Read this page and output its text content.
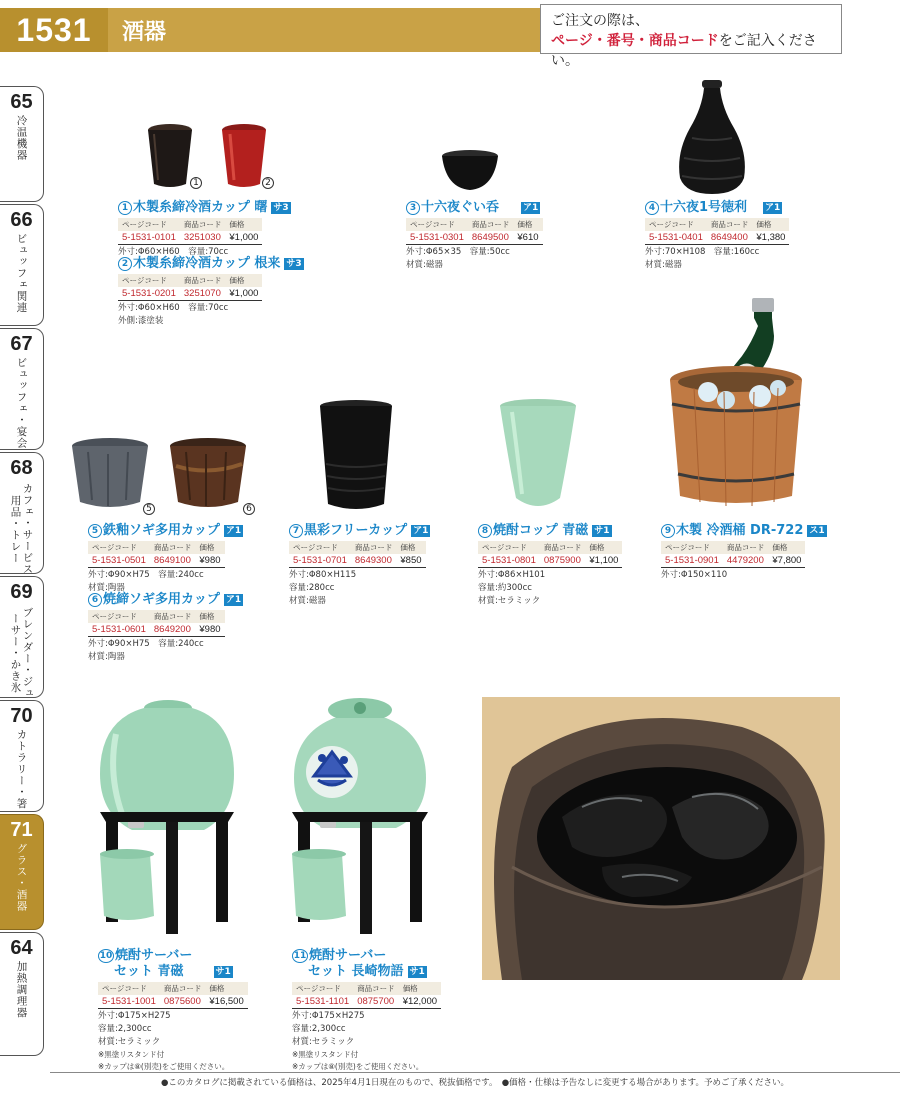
1531	酒器	ご注文の際は、
ページ・番号・商品コードをご記入ください。
65
冷温機器
66
ビュッフェ関連
67
ビュッフェ・宴会
68
カフェ・サービス用品・トレー
69
ブレンダー・ジューサー・かき氷
70
カトラリー・箸
71
グラス・酒器
64
加熱調理器
1	2
1 木製糸締冷酒カップ 曙 サ3
ページコード	商品コード	価格
5-1531-0101	3251030	¥1,000
外寸:Φ60×H60　容量:70cc
2 木製糸締冷酒カップ 根来 サ3
ページコード	商品コード	価格
5-1531-0201	3251070	¥1,000
外寸:Φ60×H60　容量:70cc
外側:漆塗装
3 十六夜ぐい呑	ア1
ページコード	商品コード	価格
5-1531-0301	8649500	¥610
外寸:Φ65×35　容量:50cc
材質:磁器
4 十六夜1号徳利 ア1
ページコード	商品コード	価格
5-1531-0401	8649400	¥1,380
外寸:70×H108　容量:160cc
材質:磁器
5	6
5 鉄釉ソギ多用カップ ア1
ページコード	商品コード	価格
5-1531-0501	8649100	¥980
外寸:Φ90×H75　容量:240cc
材質:陶器
6 焼締ソギ多用カップ ア1
ページコード	商品コード	価格
5-1531-0601	8649200	¥980
外寸:Φ90×H75　容量:240cc
材質:陶器
7 黒彩フリーカップ ア1
ページコード	商品コード	価格
5-1531-0701	8649300	¥850
外寸:Φ80×H115
容量:280cc
材質:磁器
8 焼酎コップ 青磁 サ1
ページコード	商品コード	価格
5-1531-0801	0875900	¥1,100
外寸:Φ86×H101
容量:約300cc
材質:セラミック
9 木製 冷酒桶 DR-722 ス1
ページコード	商品コード	価格
5-1531-0901	4479200	¥7,800
外寸:Φ150×110
10 焼酎サーバー
セット 青磁	サ1
ページコード	商品コード	価格
5-1531-1001	0875600	¥16,500
外寸:Φ175×H275
容量:2,300cc
材質:セラミック
※黒塗リスタンド付
※カップは⑧(別売)をご使用ください。
11 焼酎サーバー
セット 長崎物語 サ1
ページコード	商品コード	価格
5-1531-1101	0875700	¥12,000
外寸:Φ175×H275
容量:2,300cc
材質:セラミック
※黒塗リスタンド付
※カップは⑧(別売)をご使用ください。
●このカタログに掲載されている価格は、2025年4月1日現在のもので、税抜価格です。　●価格・仕様は予告なしに変更する場合があります。予めご了承ください。
